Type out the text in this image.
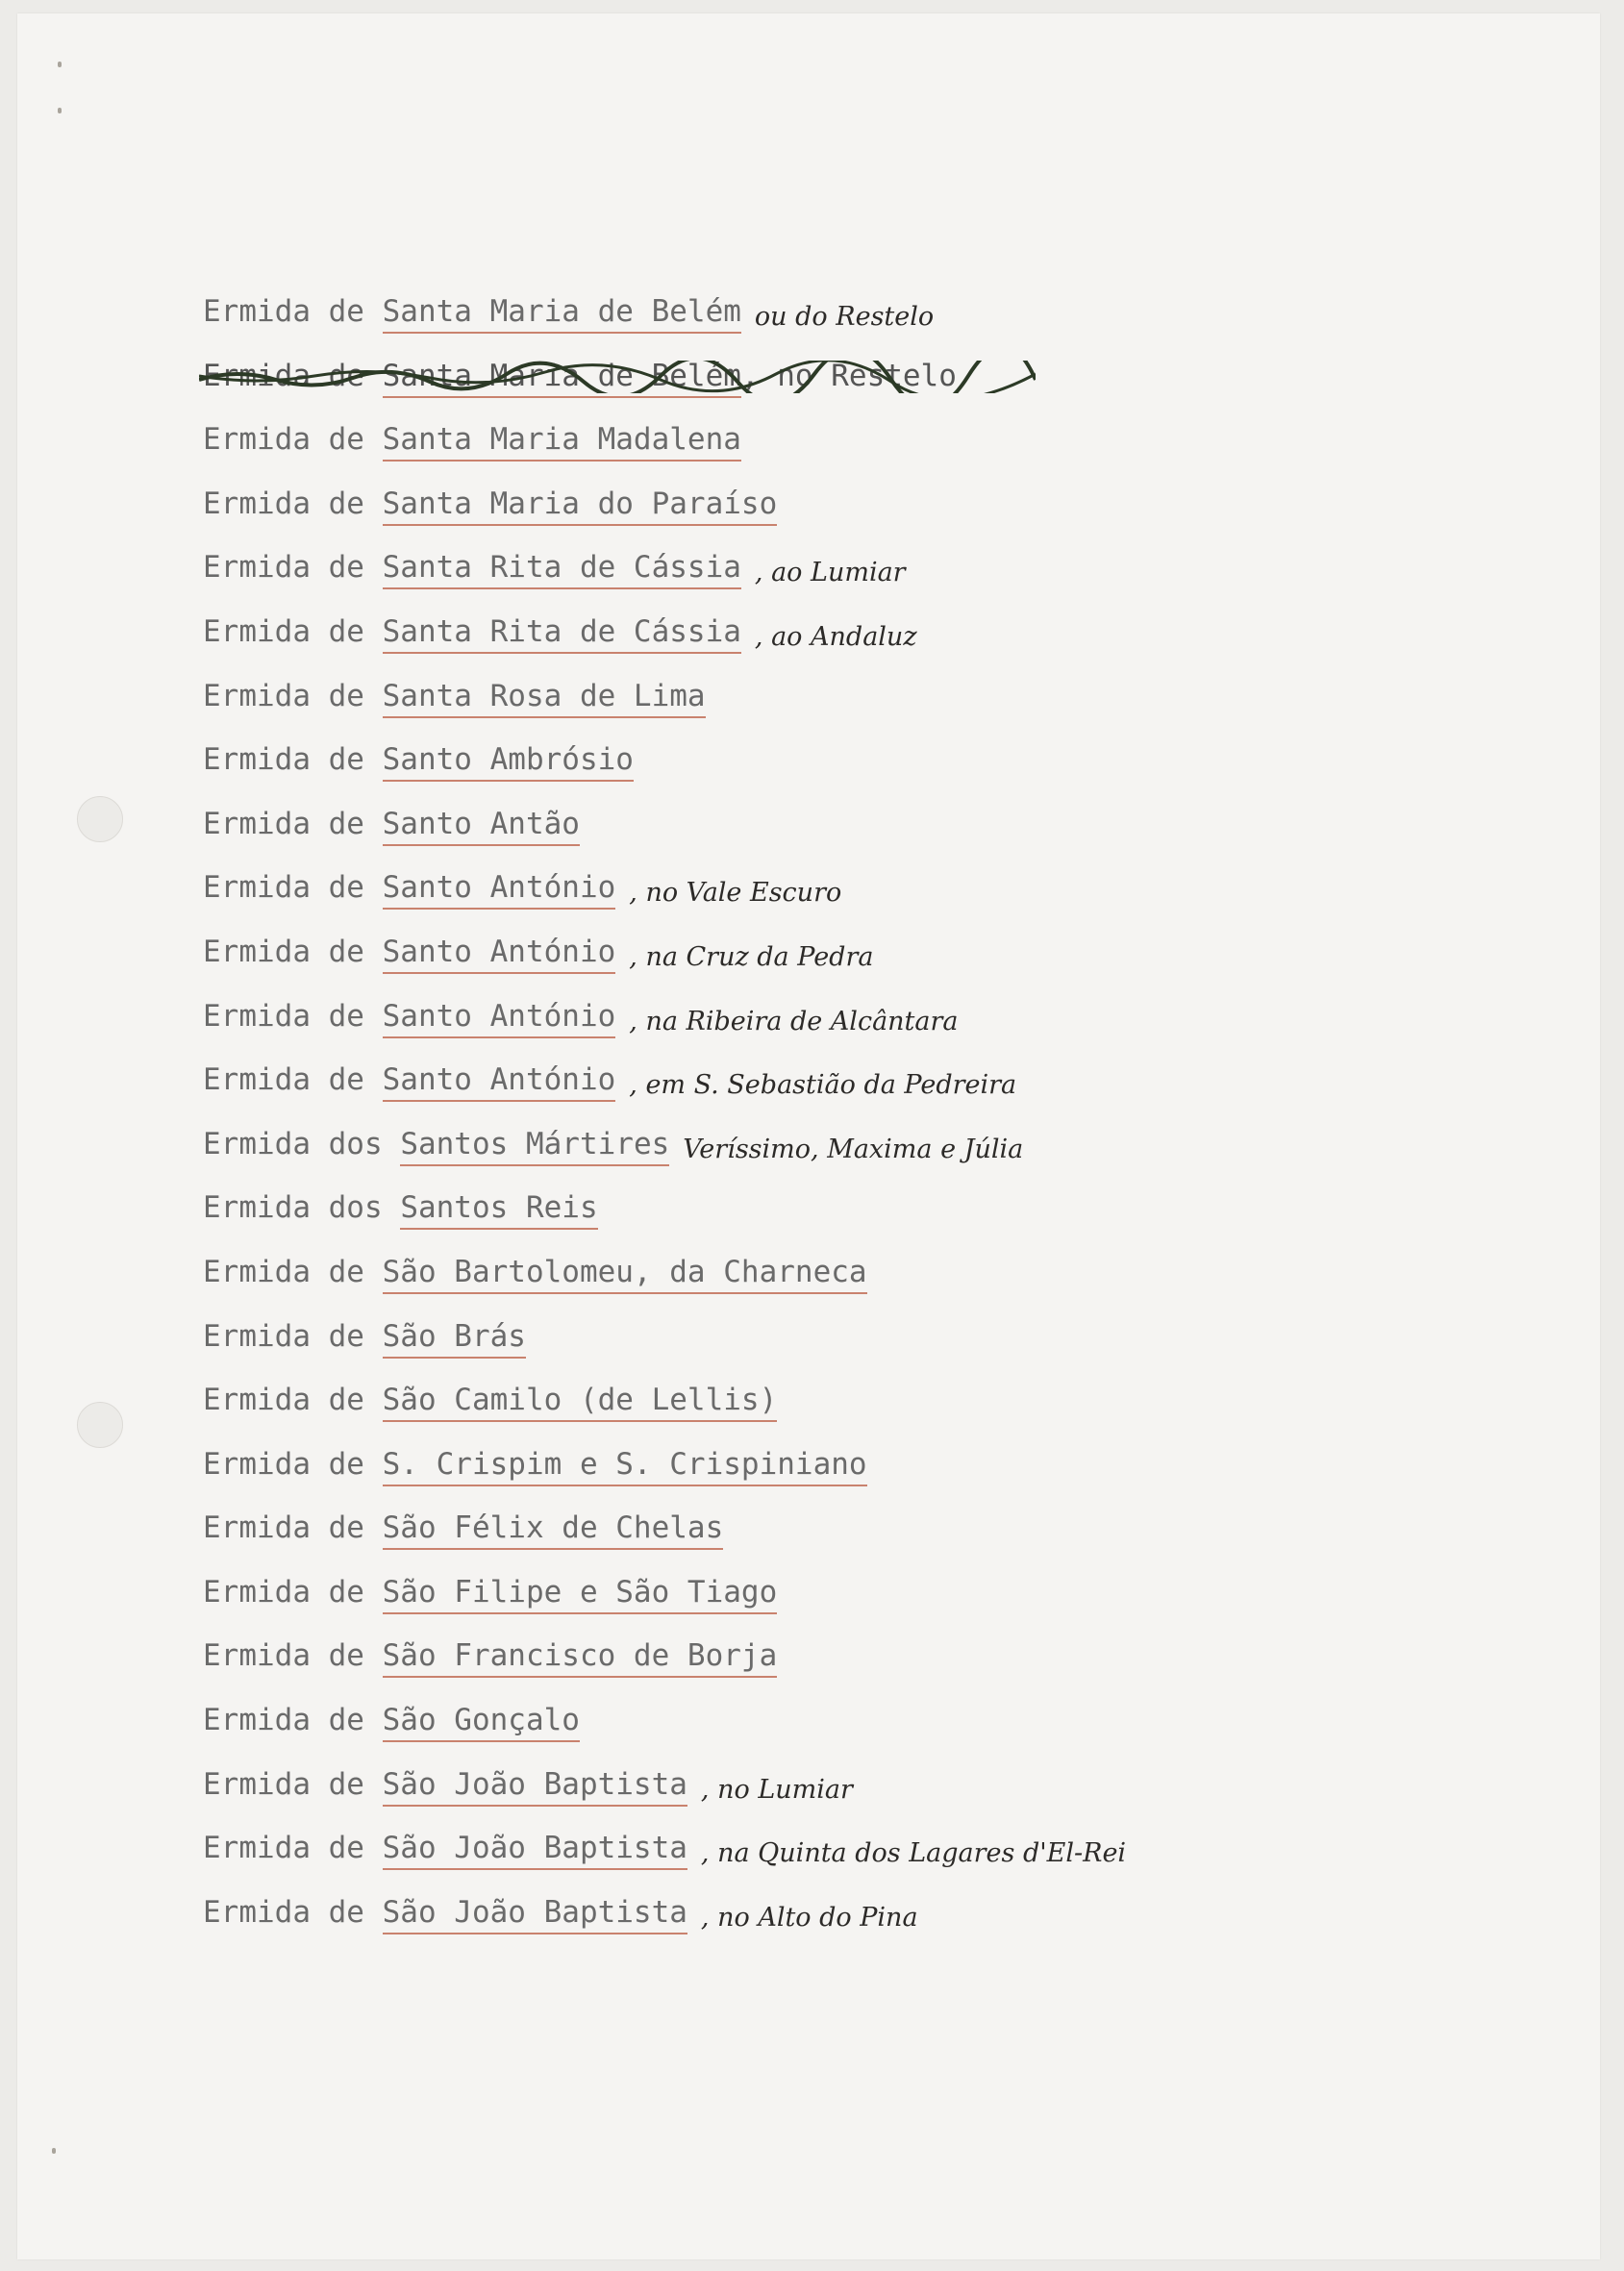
Ermida de Santa Maria de Belém ou do Restelo
Ermida de Santa Maria de Belém , no Restelo
Ermida de Santa Maria Madalena
Ermida de Santa Maria do Paraíso
Ermida de Santa Rita de Cássia , ao Lumiar
Ermida de Santa Rita de Cássia , ao Andaluz
Ermida de Santa Rosa de Lima
Ermida de Santo Ambrósio
Ermida de Santo Antão
Ermida de Santo António , no Vale Escuro
Ermida de Santo António , na Cruz da Pedra
Ermida de Santo António , na Ribeira de Alcântara
Ermida de Santo António , em S. Sebastião da Pedreira
Ermida dos Santos Mártires Veríssimo, Maxima e Júlia
Ermida dos Santos Reis
Ermida de São Bartolomeu, da Charneca
Ermida de São Brás
Ermida de São Camilo (de Lellis)
Ermida de S. Crispim e S. Crispiniano
Ermida de São Félix de Chelas
Ermida de São Filipe e São Tiago
Ermida de São Francisco de Borja
Ermida de São Gonçalo
Ermida de São João Baptista , no Lumiar
Ermida de São João Baptista , na Quinta dos Lagares d'El-Rei
Ermida de São João Baptista , no Alto do Pina
